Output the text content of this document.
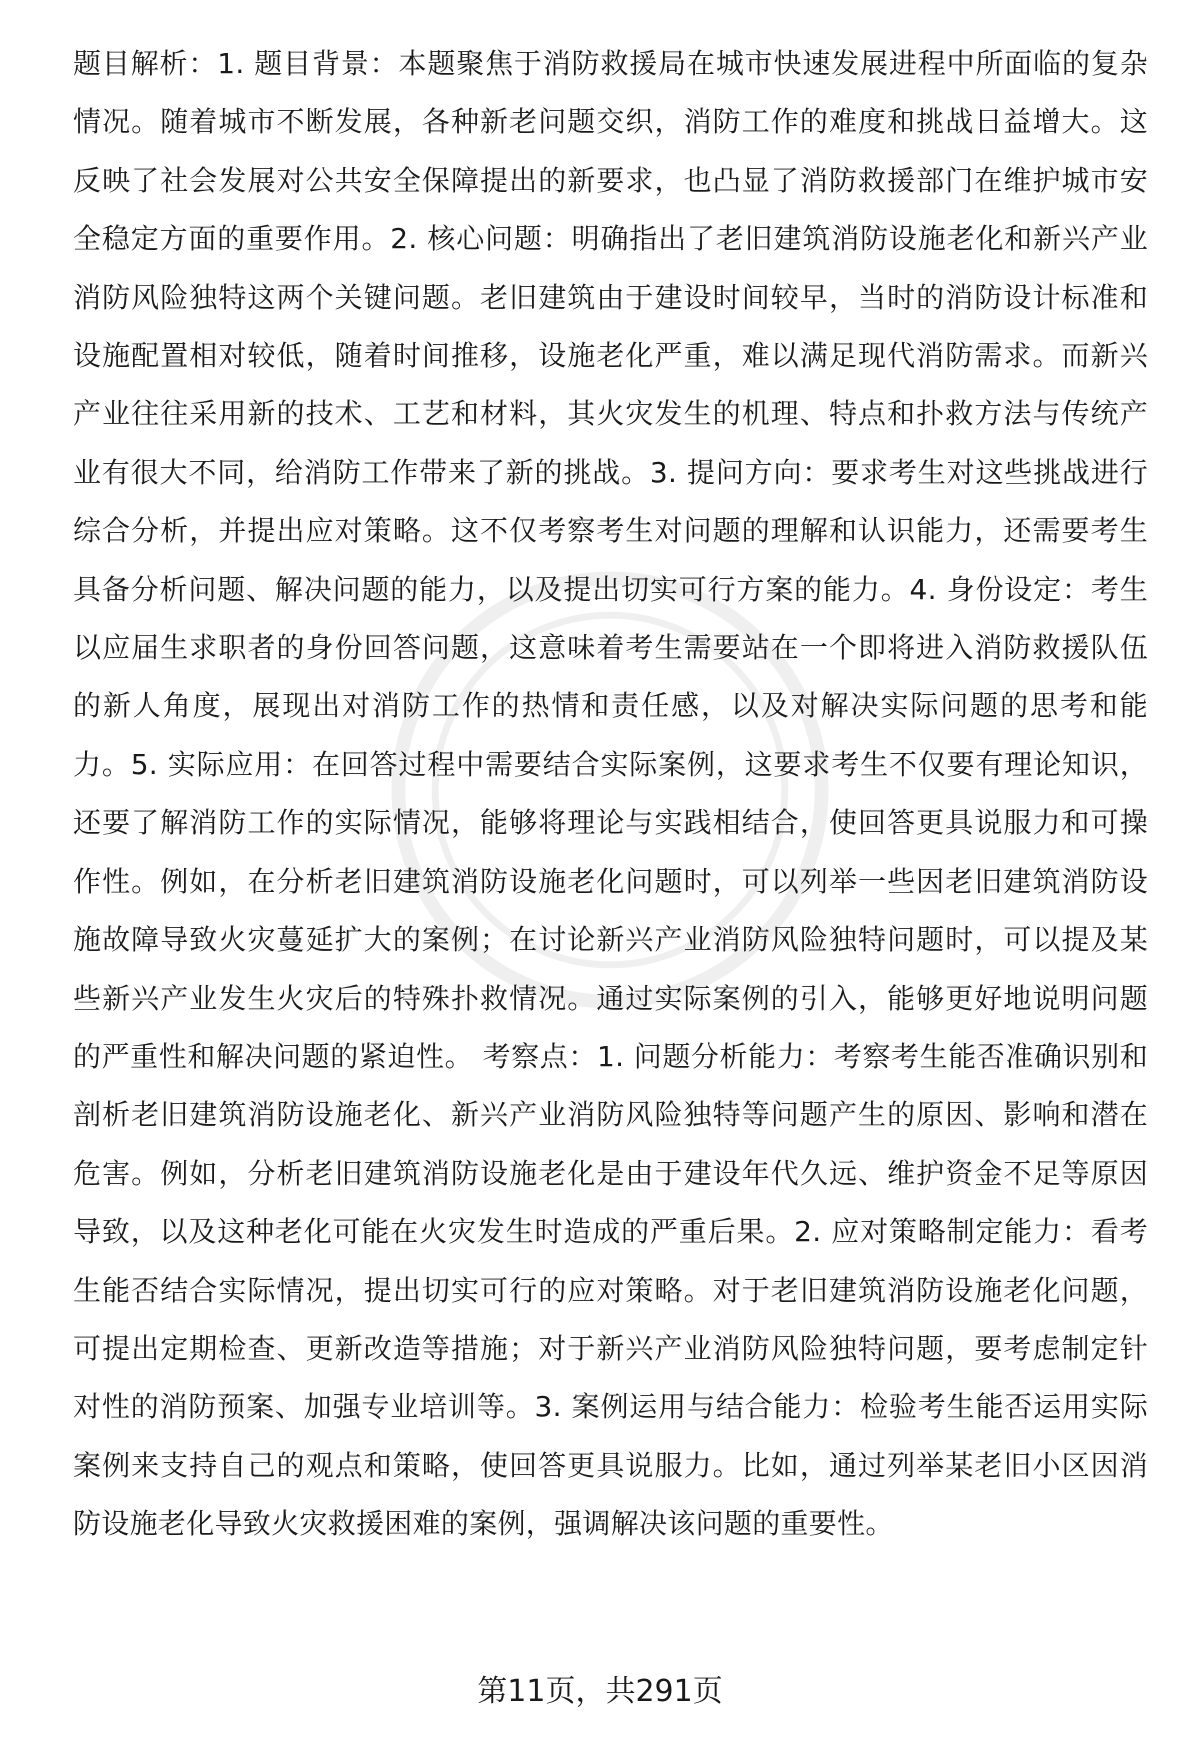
题目解析：1. 题目背景：本题聚焦于消防救援局在城市快速发展进程中所面临的复杂情况。随着城市不断发展，各种新老问题交织，消防工作的难度和挑战日益增大。这反映了社会发展对公共安全保障提出的新要求，也凸显了消防救援部门在维护城市安全稳定方面的重要作用。2. 核心问题：明确指出了老旧建筑消防设施老化和新兴产业消防风险独特这两个关键问题。老旧建筑由于建设时间较早，当时的消防设计标准和设施配置相对较低，随着时间推移，设施老化严重，难以满足现代消防需求。而新兴产业往往采用新的技术、工艺和材料，其火灾发生的机理、特点和扑救方法与传统产业有很大不同，给消防工作带来了新的挑战。3. 提问方向：要求考生对这些挑战进行综合分析，并提出应对策略。这不仅考察考生对问题的理解和认识能力，还需要考生具备分析问题、解决问题的能力，以及提出切实可行方案的能力。4. 身份设定：考生以应届生求职者的身份回答问题，这意味着考生需要站在一个即将进入消防救援队伍的新人角度，展现出对消防工作的热情和责任感，以及对解决实际问题的思考和能力。5. 实际应用：在回答过程中需要结合实际案例，这要求考生不仅要有理论知识，还要了解消防工作的实际情况，能够将理论与实践相结合，使回答更具说服力和可操作性。例如，在分析老旧建筑消防设施老化问题时，可以列举一些因老旧建筑消防设施故障导致火灾蔓延扩大的案例；在讨论新兴产业消防风险独特问题时，可以提及某些新兴产业发生火灾后的特殊扑救情况。通过实际案例的引入，能够更好地说明问题的严重性和解决问题的紧迫性。 考察点：1. 问题分析能力：考察考生能否准确识别和剖析老旧建筑消防设施老化、新兴产业消防风险独特等问题产生的原因、影响和潜在危害。例如，分析老旧建筑消防设施老化是由于建设年代久远、维护资金不足等原因导致，以及这种老化可能在火灾发生时造成的严重后果。2. 应对策略制定能力：看考生能否结合实际情况，提出切实可行的应对策略。对于老旧建筑消防设施老化问题，可提出定期检查、更新改造等措施；对于新兴产业消防风险独特问题，要考虑制定针对性的消防预案、加强专业培训等。3. 案例运用与结合能力：检验考生能否运用实际案例来支持自己的观点和策略，使回答更具说服力。比如，通过列举某老旧小区因消防设施老化导致火灾救援困难的案例，强调解决该问题的重要性。

第11页，共291页
